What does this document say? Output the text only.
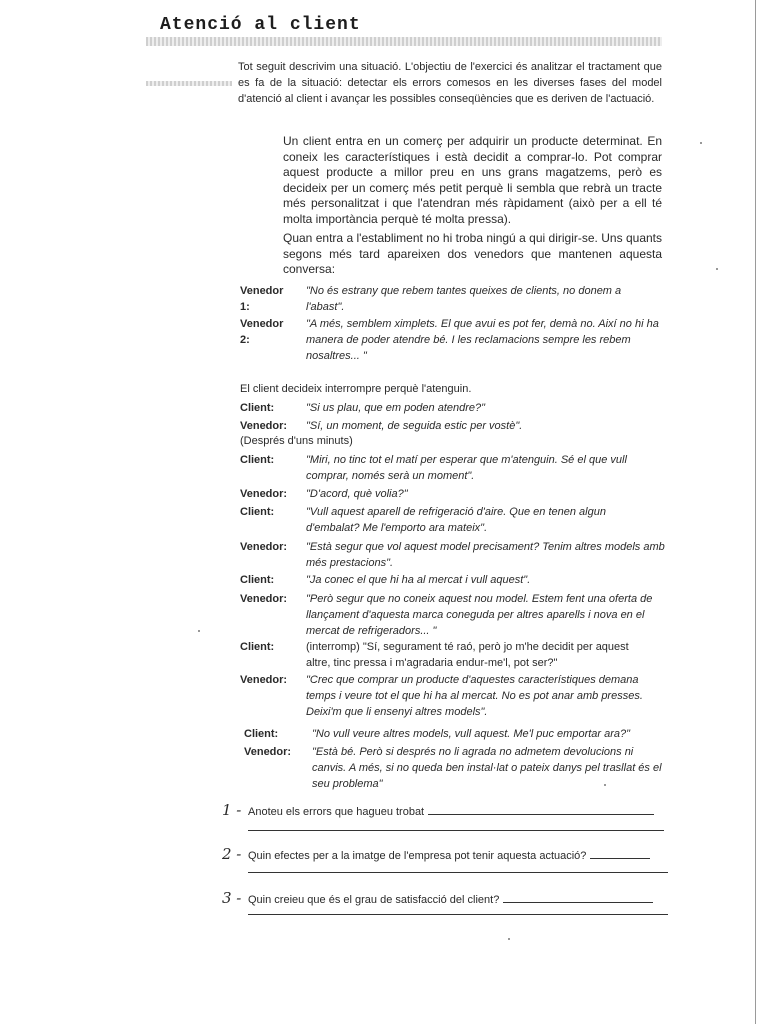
Atenció al client

Tot seguit descrivim una situació. L'objectiu de l'exercici és analitzar el tractament que es fa de la situació: detectar els errors comesos en les diverses fases del model d'atenció al client i avançar les possibles conseqüències que es deriven de l'actuació.

Un client entra en un comerç per adquirir un producte determinat. En coneix les característiques i està decidit a comprar-lo. Pot comprar aquest producte a millor preu en uns grans magatzems, però es decideix per un comerç més petit perquè li sembla que rebrà un tracte més personalitzat i que l'atendran més ràpidament (això per a ell té molta importància perquè té molta pressa).

Quan entra a l'establiment no hi troba ningú a qui dirigir-se. Uns quants segons més tard apareixen dos venedors que mantenen aquesta conversa:

Venedor 1:
"No és estrany que rebem tantes queixes de clients, no donem a l'abast".
Venedor 2:
"A més, semblem ximplets. El que avui es pot fer, demà no. Així no hi ha manera de poder atendre bé. I les reclamacions sempre les rebem nosaltres... "
El client decideix interrompre perquè l'atenguin.
Client:	"Si us plau, que em poden atendre?"
Venedor: "Sí, un moment, de seguida estic per vostè".
(Després d'uns minuts)
Client:	"Miri, no tinc tot el matí per esperar que m'atenguin. Sé el que vull comprar, només serà un moment".
Venedor: "D'acord, què volia?"
Client:	"Vull aquest aparell de refrigeració d'aire. Que en tenen algun d'embalat? Me l'emporto ara mateix".
Venedor: "Està segur que vol aquest model precisament? Tenim altres models amb més prestacions".
Client:	"Ja conec el que hi ha al mercat i vull aquest".
Venedor: "Però segur que no coneix aquest nou model. Estem fent una oferta de llançament d'aquesta marca coneguda per altres aparells i nova en el mercat de refrigeradors... "
Client:	(interromp) "Sí, segurament té raó, però jo m'he decidit per aquest altre, tinc pressa i m'agradaria endur-me'l, pot ser?"
Venedor: "Crec que comprar un producte d'aquestes característiques demana temps i veure tot el que hi ha al mercat. No es pot anar amb presses. Deixi'm que li ensenyi altres models".
Client:	"No vull veure altres models, vull aquest. Me'l puc emportar ara?"
Venedor: "Està bé. Però si després no li agrada no admetem devolucions ni canvis. A més, si no queda ben instal·lat o pateix danys pel trasllat és el seu problema"
1 - Anoteu els errors que hagueu trobat
2 - Quin efectes per a la imatge de l'empresa pot tenir aquesta actuació?
3 - Quin creieu que és el grau de satisfacció del client?
